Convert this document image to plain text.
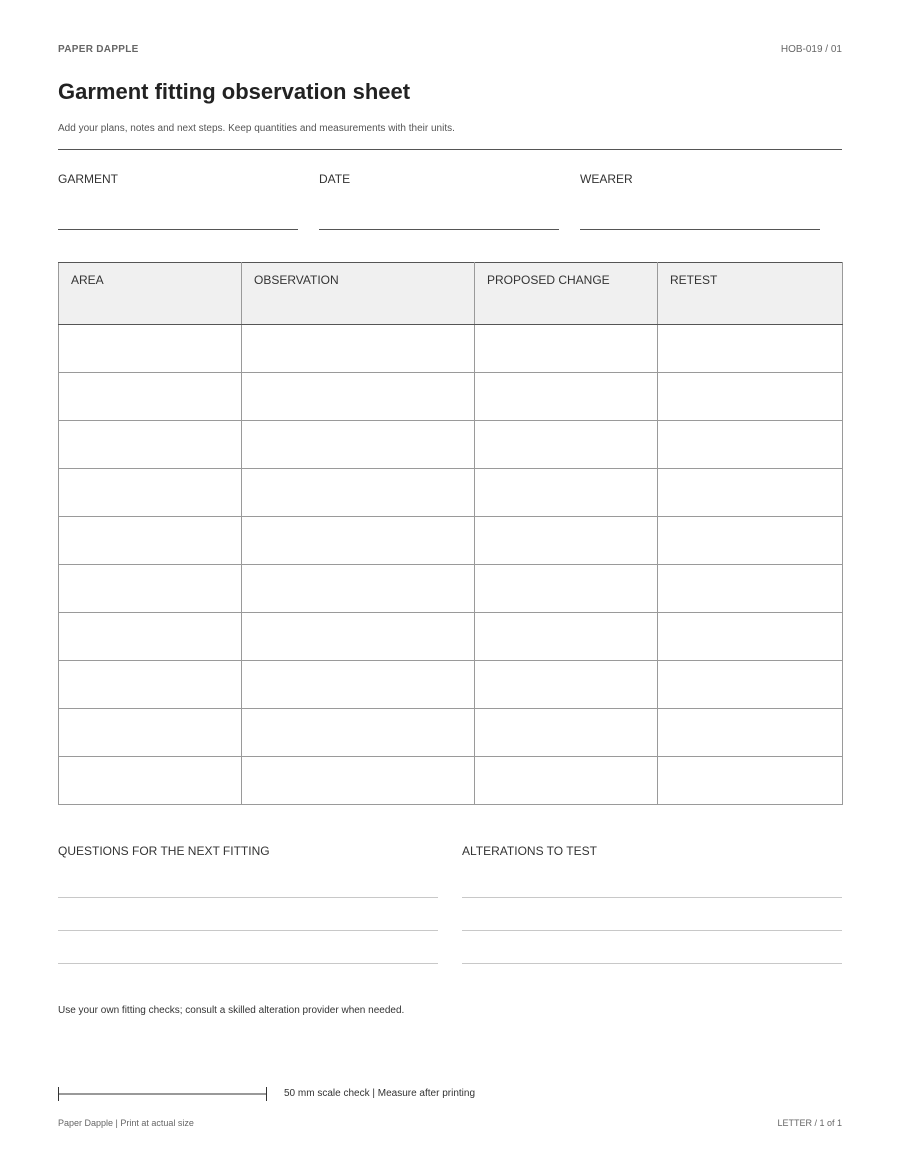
PAPER DAPPLE	HOB-019 / 01
Garment fitting observation sheet
Add your plans, notes and next steps. Keep quantities and measurements with their units.
GARMENT	DATE	WEARER
AREA	OBSERVATION	PROPOSED CHANGE	RETEST

QUESTIONS FOR THE NEXT FITTING	ALTERATIONS TO TEST
Use your own fitting checks; consult a skilled alteration provider when needed.
50 mm scale check | Measure after printing
Paper Dapple | Print at actual size	LETTER / 1 of 1
